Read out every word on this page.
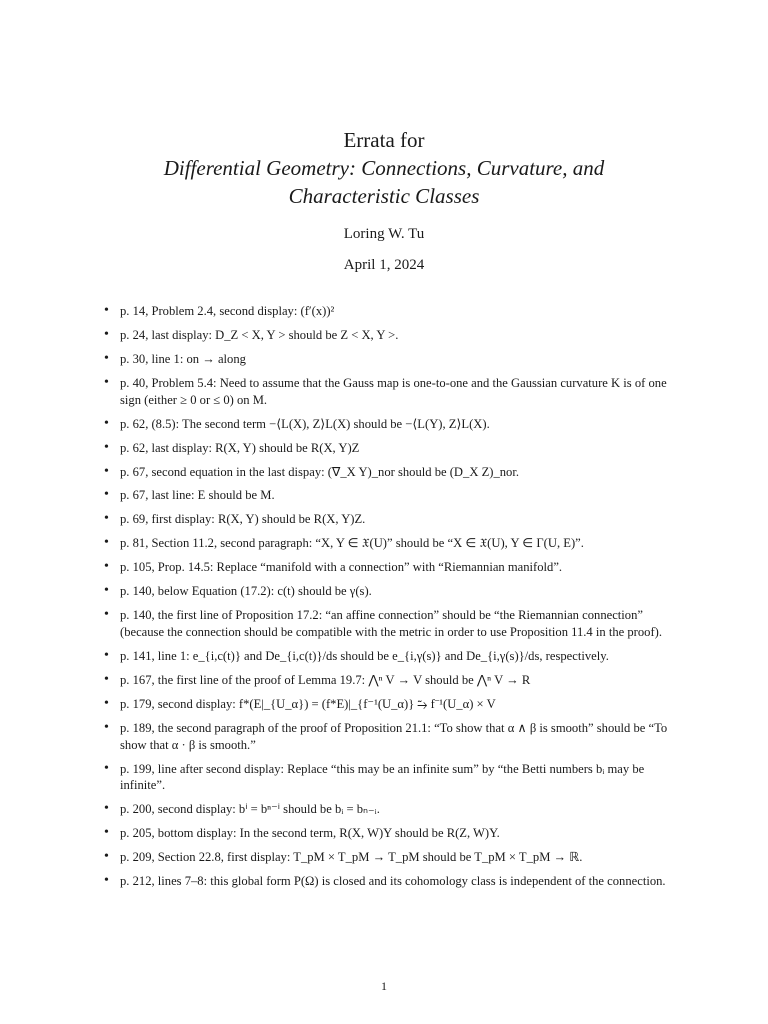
Errata for
Differential Geometry: Connections, Curvature, and
Characteristic Classes
Loring W. Tu
April 1, 2024
• p. 14, Problem 2.4, second display: (f′(x))²
• p. 24, last display: D_Z < X, Y > should be Z < X, Y >.
• p. 30, line 1: on → along
• p. 40, Problem 5.4: Need to assume that the Gauss map is one-to-one and the Gaussian curvature K is of one sign (either ≥ 0 or ≤ 0) on M.
• p. 62, (8.5): The second term −⟨L(X), Z⟩L(X) should be −⟨L(Y), Z⟩L(X).
• p. 62, last display: R(X, Y) should be R(X, Y)Z
• p. 67, second equation in the last dispay: (∇_X Y)_nor should be (D_X Z)_nor.
• p. 67, last line: E should be M.
• p. 69, first display: R(X, Y) should be R(X, Y)Z.
• p. 81, Section 11.2, second paragraph: “X, Y ∈ 𝔛(U)” should be “X ∈ 𝔛(U), Y ∈ Γ(U, E)”.
• p. 105, Prop. 14.5: Replace “manifold with a connection” with “Riemannian manifold”.
• p. 140, below Equation (17.2): c(t) should be γ(s).
• p. 140, the first line of Proposition 17.2: “an affine connection” should be “the Riemannian connection” (because the connection should be compatible with the metric in order to use Proposition 11.4 in the proof).
• p. 141, line 1: e_{i,c(t)} and De_{i,c(t)}/ds should be e_{i,γ(s)} and De_{i,γ(s)}/ds, respectively.
• p. 167, the first line of the proof of Lemma 19.7: ⋀ⁿ V → V should be ⋀ⁿ V → R
• p. 179, second display: f*(E|_{U_α}) = (f*E)|_{f⁻¹(U_α)} ⥲ f⁻¹(U_α) × V
• p. 189, the second paragraph of the proof of Proposition 21.1: “To show that α ∧ β is smooth” should be “To show that α · β is smooth.”
• p. 199, line after second display: Replace “this may be an infinite sum” by “the Betti numbers bᵢ may be infinite”.
• p. 200, second display: bⁱ = bⁿ⁻ⁱ should be bᵢ = bₙ₋ᵢ.
• p. 205, bottom display: In the second term, R(X, W)Y should be R(Z, W)Y.
• p. 209, Section 22.8, first display: T_pM × T_pM → T_pM should be T_pM × T_pM → ℝ.
• p. 212, lines 7–8: this global form P(Ω) is closed and its cohomology class is independent of the connection.
1
